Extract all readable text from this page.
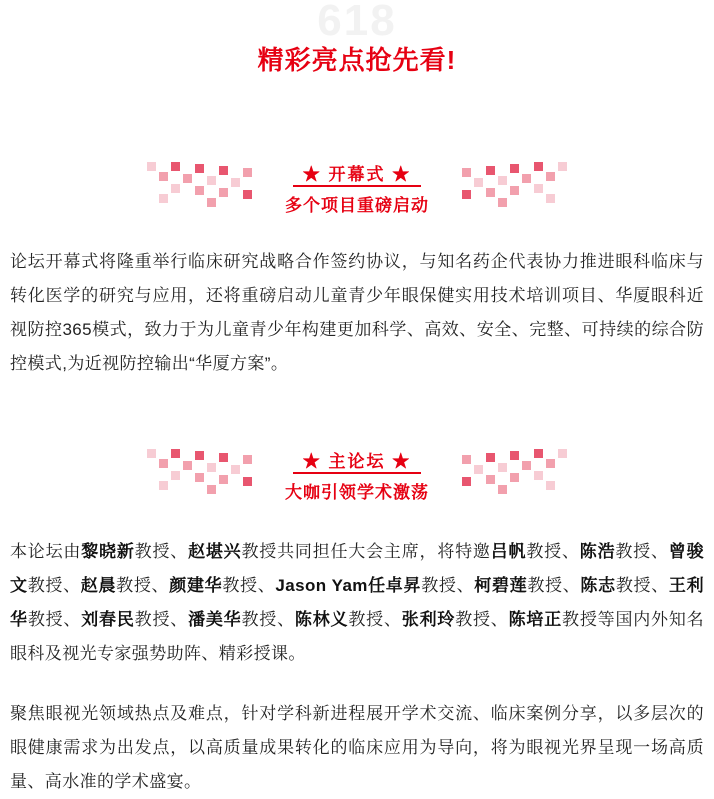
618
精彩亮点抢先看!
★ 开幕式 ★
多个项目重磅启动

论坛开幕式将隆重举行临床研究战略合作签约协议，与知名药企代表协力推进眼科临床与转化医学的研究与应用，还将重磅启动儿童青少年眼保健实用技术培训项目、华厦眼科近视防控365模式，致力于为儿童青少年构建更加科学、高效、安全、完整、可持续的综合防控模式,为近视防控输出“华厦方案”。

★ 主论坛 ★
大咖引领学术激荡

本论坛由黎晓新教授、赵堪兴教授共同担任大会主席，将特邀吕帆教授、陈浩教授、曾骏文教授、赵晨教授、颜建华教授、Jason Yam任卓昇教授、柯碧莲教授、陈志教授、王利华教授、刘春民教授、潘美华教授、陈林义教授、张利玲教授、陈培正教授等国内外知名眼科及视光专家强势助阵、精彩授课。

聚焦眼视光领域热点及难点，针对学科新进程展开学术交流、临床案例分享，以多层次的眼健康需求为出发点，以高质量成果转化的临床应用为导向，将为眼视光界呈现一场高质量、高水准的学术盛宴。
